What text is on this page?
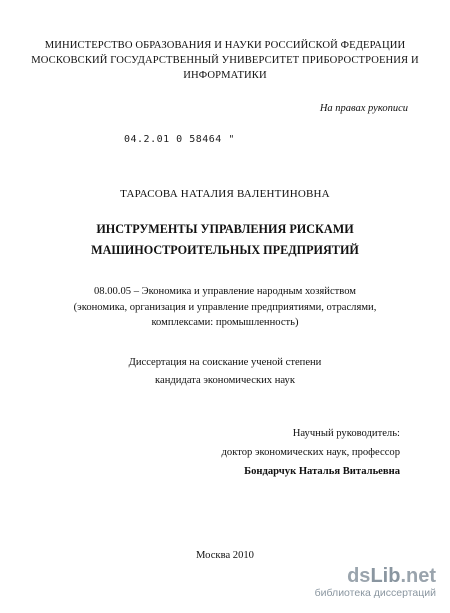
МИНИСТЕРСТВО ОБРАЗОВАНИЯ И НАУКИ РОССИЙСКОЙ ФЕДЕРАЦИИ
МОСКОВСКИЙ ГОСУДАРСТВЕННЫЙ УНИВЕРСИТЕТ ПРИБОРОСТРОЕНИЯ И
ИНФОРМАТИКИ
На правах рукописи
04.2.01 0 58464 "
ТАРАСОВА НАТАЛИЯ ВАЛЕНТИНОВНА
ИНСТРУМЕНТЫ УПРАВЛЕНИЯ РИСКАМИ
МАШИНОСТРОИТЕЛЬНЫХ ПРЕДПРИЯТИЙ
08.00.05 – Экономика и управление народным хозяйством
(экономика, организация и управление предприятиями, отраслями,
комплексами: промышленность)
Диссертация на соискание ученой степени
кандидата экономических наук
Научный руководитель:
доктор экономических наук, профессор
Бондарчук Наталья Витальевна
Москва 2010
dsLib.net
библиотека диссертаций
